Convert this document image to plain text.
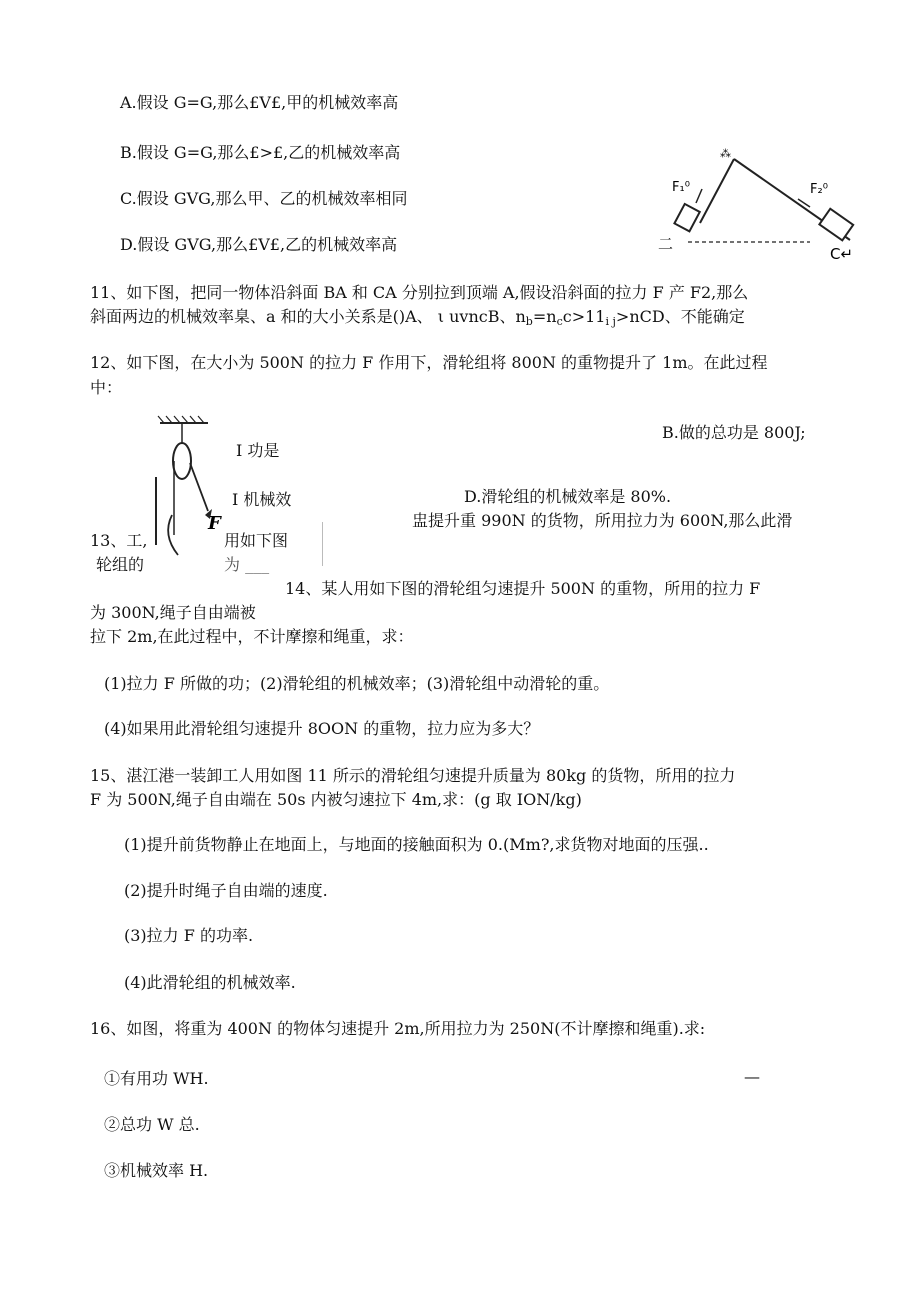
A.假设 G=G,那么£V£,甲的机械效率高
B.假设 G=G,那么£>£,乙的机械效率高
C.假设 GVG,那么甲、乙的机械效率相同
D.假设 GVG,那么£V£,乙的机械效率高
⁂
F₁⁰	F₂⁰
二
C↵
11、如下图，把同一物体沿斜面 BA 和 CA 分别拉到顶端 A,假设沿斜面的拉力 F 产 F2,那么
斜面两边的机械效率臬、a 和的大小关系是()A、 ι uvncB、$n_b=n_cc>11_{i j}>nCD$、不能确定
12、如下图，在大小为 500N 的拉力 F 作用下，滑轮组将 800N 的重物提升了 1m。在此过程
中：
F
I 功是
B.做的总功是 800J;
I 机械效	D.滑轮组的机械效率是 80%.
盅提升重 990N 的货物，所用拉力为 600N,那么此滑
13、工,	用如下图
轮组的	为 ___
14、某人用如下图的滑轮组匀速提升 500N 的重物，所用的拉力 F
为 300N,绳子自由端被
拉下 2m,在此过程中，不计摩擦和绳重，求：
(1)拉力 F 所做的功；(2)滑轮组的机械效率；(3)滑轮组中动滑轮的重。
(4)如果用此滑轮组匀速提升 8OON 的重物，拉力应为多大？
15、湛江港一装卸工人用如图 11 所示的滑轮组匀速提升质量为 80kg 的货物，所用的拉力
F 为 500N,绳子自由端在 50s 内被匀速拉下 4m,求：(g 取 ION/kg)
(1)提升前货物静止在地面上，与地面的接触面积为 0.(Mm?,求货物对地面的压强..
(2)提升时绳子自由端的速度.
(3)拉力 F 的功率.
(4)此滑轮组的机械效率.
16、如图，将重为 400N 的物体匀速提升 2m,所用拉力为 250N(不计摩擦和绳重).求:
①有用功 WH.	—
②总功 W 总.
③机械效率 H.
